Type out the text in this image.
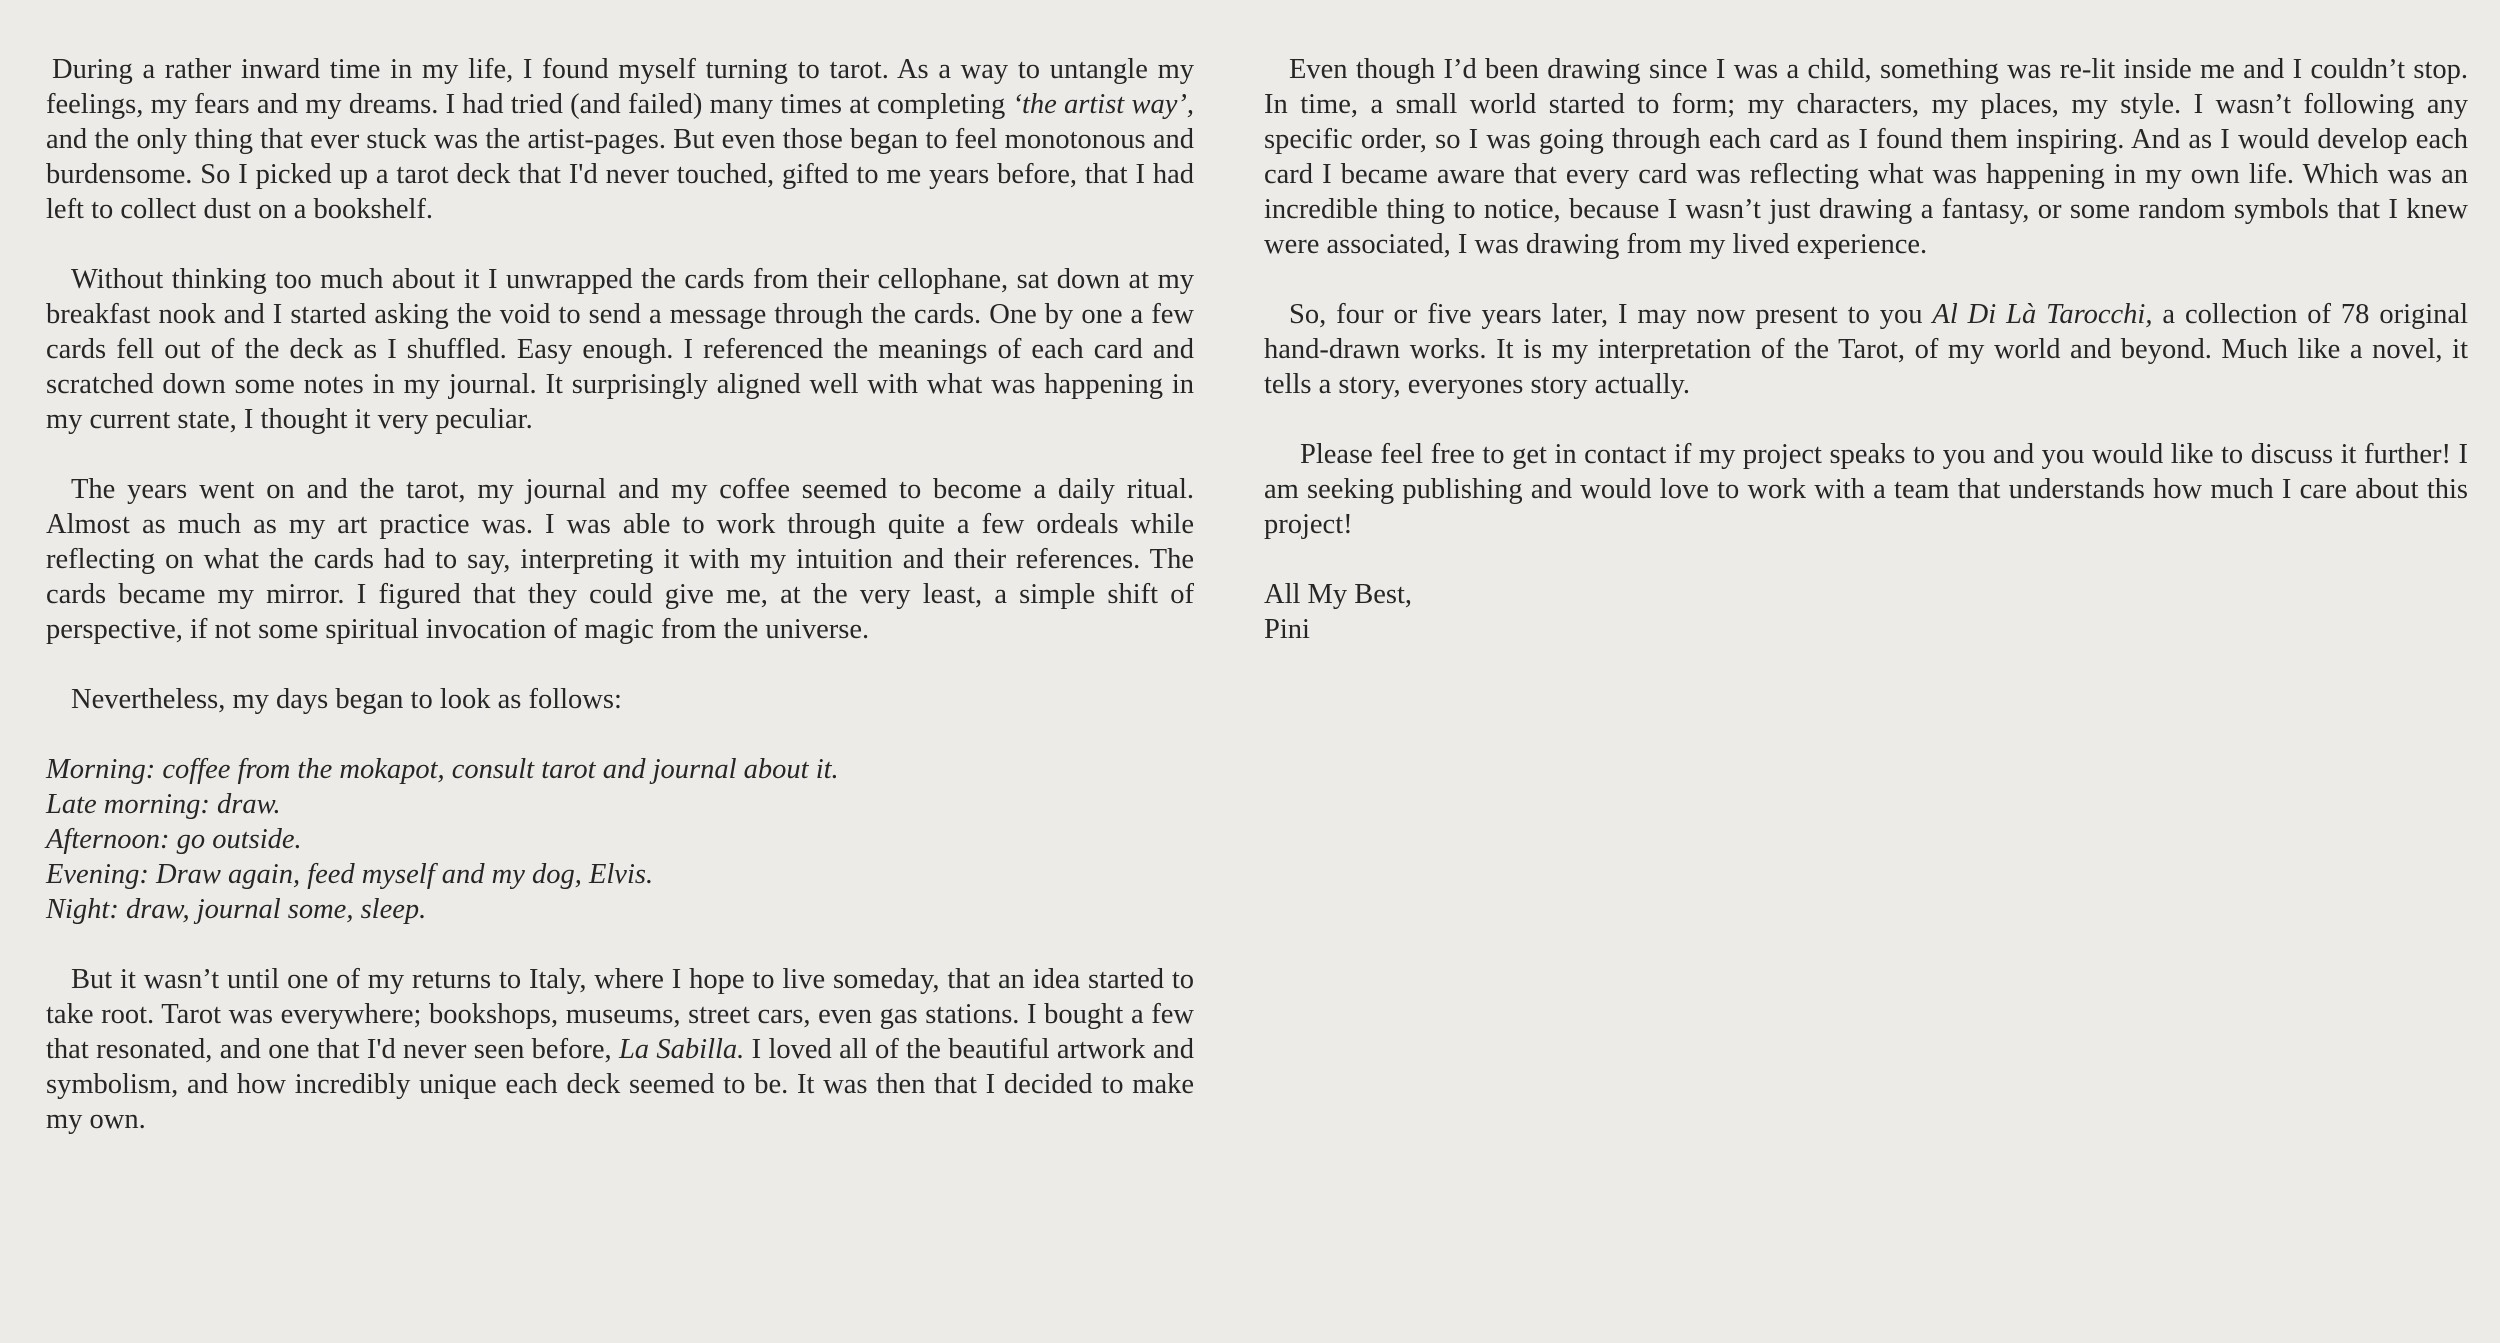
During a rather inward time in my life, I found myself turning to tarot. As a way to untangle my feelings, my fears and my dreams. I had tried (and failed) many times at completing ‘the artist way’, and the only thing that ever stuck was the artist-pages. But even those began to feel monotonous and burdensome. So I picked up a tarot deck that I'd never touched, gifted to me years before, that I had left to collect dust on a bookshelf.

Without thinking too much about it I unwrapped the cards from their cellophane, sat down at my breakfast nook and I started asking the void to send a message through the cards. One by one a few cards fell out of the deck as I shuffled. Easy enough. I referenced the meanings of each card and scratched down some notes in my journal. It surprisingly aligned well with what was happening in my current state, I thought it very peculiar.

The years went on and the tarot, my journal and my coffee seemed to become a daily ritual. Almost as much as my art practice was. I was able to work through quite a few ordeals while reflecting on what the cards had to say, interpreting it with my intuition and their references. The cards became my mirror. I figured that they could give me, at the very least, a simple shift of perspective, if not some spiritual invocation of magic from the universe.

Nevertheless, my days began to look as follows:

Morning: coffee from the mokapot, consult tarot and journal about it.
Late morning: draw.
Afternoon: go outside.
Evening: Draw again, feed myself and my dog, Elvis.
Night: draw, journal some, sleep.

But it wasn’t until one of my returns to Italy, where I hope to live someday, that an idea started to take root. Tarot was everywhere; bookshops, museums, street cars, even gas stations. I bought a few that resonated, and one that I'd never seen before, La Sabilla. I loved all of the beautiful artwork and symbolism, and how incredibly unique each deck seemed to be. It was then that I decided to make my own.

Even though I’d been drawing since I was a child, something was re-lit inside me and I couldn’t stop. In time, a small world started to form; my characters, my places, my style. I wasn’t following any specific order, so I was going through each card as I found them inspiring. And as I would develop each card I became aware that every card was reflecting what was happening in my own life. Which was an incredible thing to notice, because I wasn’t just drawing a fantasy, or some random symbols that I knew were associated, I was drawing from my lived experience.

So, four or five years later, I may now present to you Al Di Là Tarocchi, a collection of 78 original hand-drawn works. It is my interpretation of the Tarot, of my world and beyond. Much like a novel, it tells a story, everyones story actually.

Please feel free to get in contact if my project speaks to you and you would like to discuss it further! I am seeking publishing and would love to work with a team that understands how much I care about this project!

All My Best,
Pini
